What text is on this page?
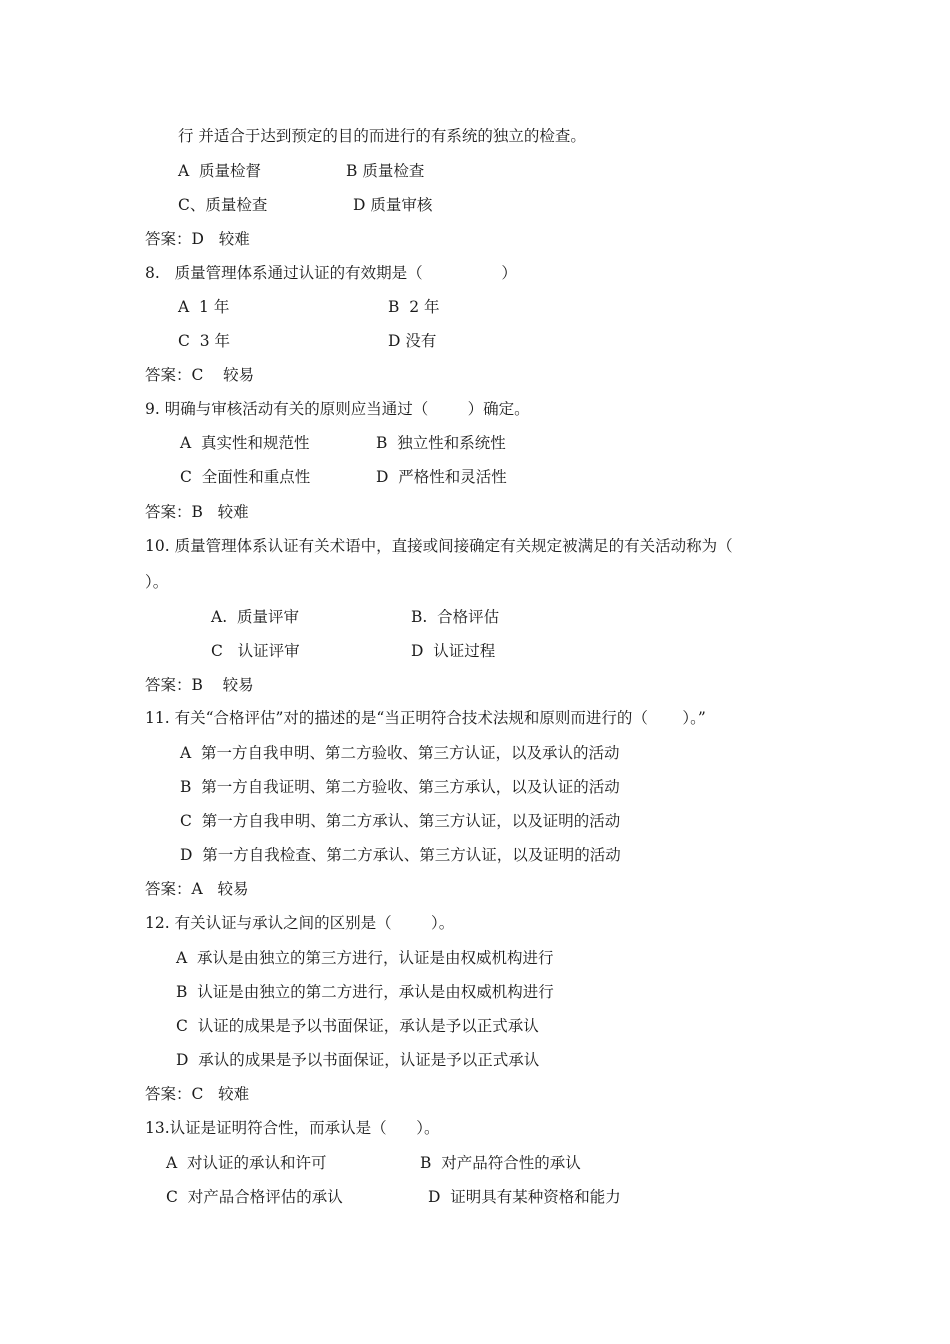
行 并适合于达到预定的目的而进行的有系统的独立的检查。
A  质量检督	B 质量检查
C、质量检查	D 质量审核
答案：D   较难
8.   质量管理体系通过认证的有效期是（                ）
A  1 年	B  2 年
C  3 年	D 没有
答案：C    较易
9. 明确与审核活动有关的原则应当通过（        ）确定。
A  真实性和规范性	B  独立性和系统性
C  全面性和重点性	D  严格性和灵活性
答案：B   较难
10. 质量管理体系认证有关术语中，直接或间接确定有关规定被满足的有关活动称为（
）。
A.  质量评审	B.  合格评估
C   认证评审	D  认证过程
答案：B    较易
11. 有关“合格评估”对的描述的是“当正明符合技术法规和原则而进行的（       ）。”
A  第一方自我申明、第二方验收、第三方认证，以及承认的活动
B  第一方自我证明、第二方验收、第三方承认，以及认证的活动
C  第一方自我申明、第二方承认、第三方认证，以及证明的活动
D  第一方自我检查、第二方承认、第三方认证，以及证明的活动
答案：A   较易
12. 有关认证与承认之间的区别是（        ）。
A  承认是由独立的第三方进行，认证是由权威机构进行
B  认证是由独立的第二方进行，承认是由权威机构进行
C  认证的成果是予以书面保证，承认是予以正式承认
D  承认的成果是予以书面保证，认证是予以正式承认
答案：C   较难
13.认证是证明符合性，而承认是（      ）。
A  对认证的承认和许可	B  对产品符合性的承认
C  对产品合格评估的承认	D  证明具有某种资格和能力
